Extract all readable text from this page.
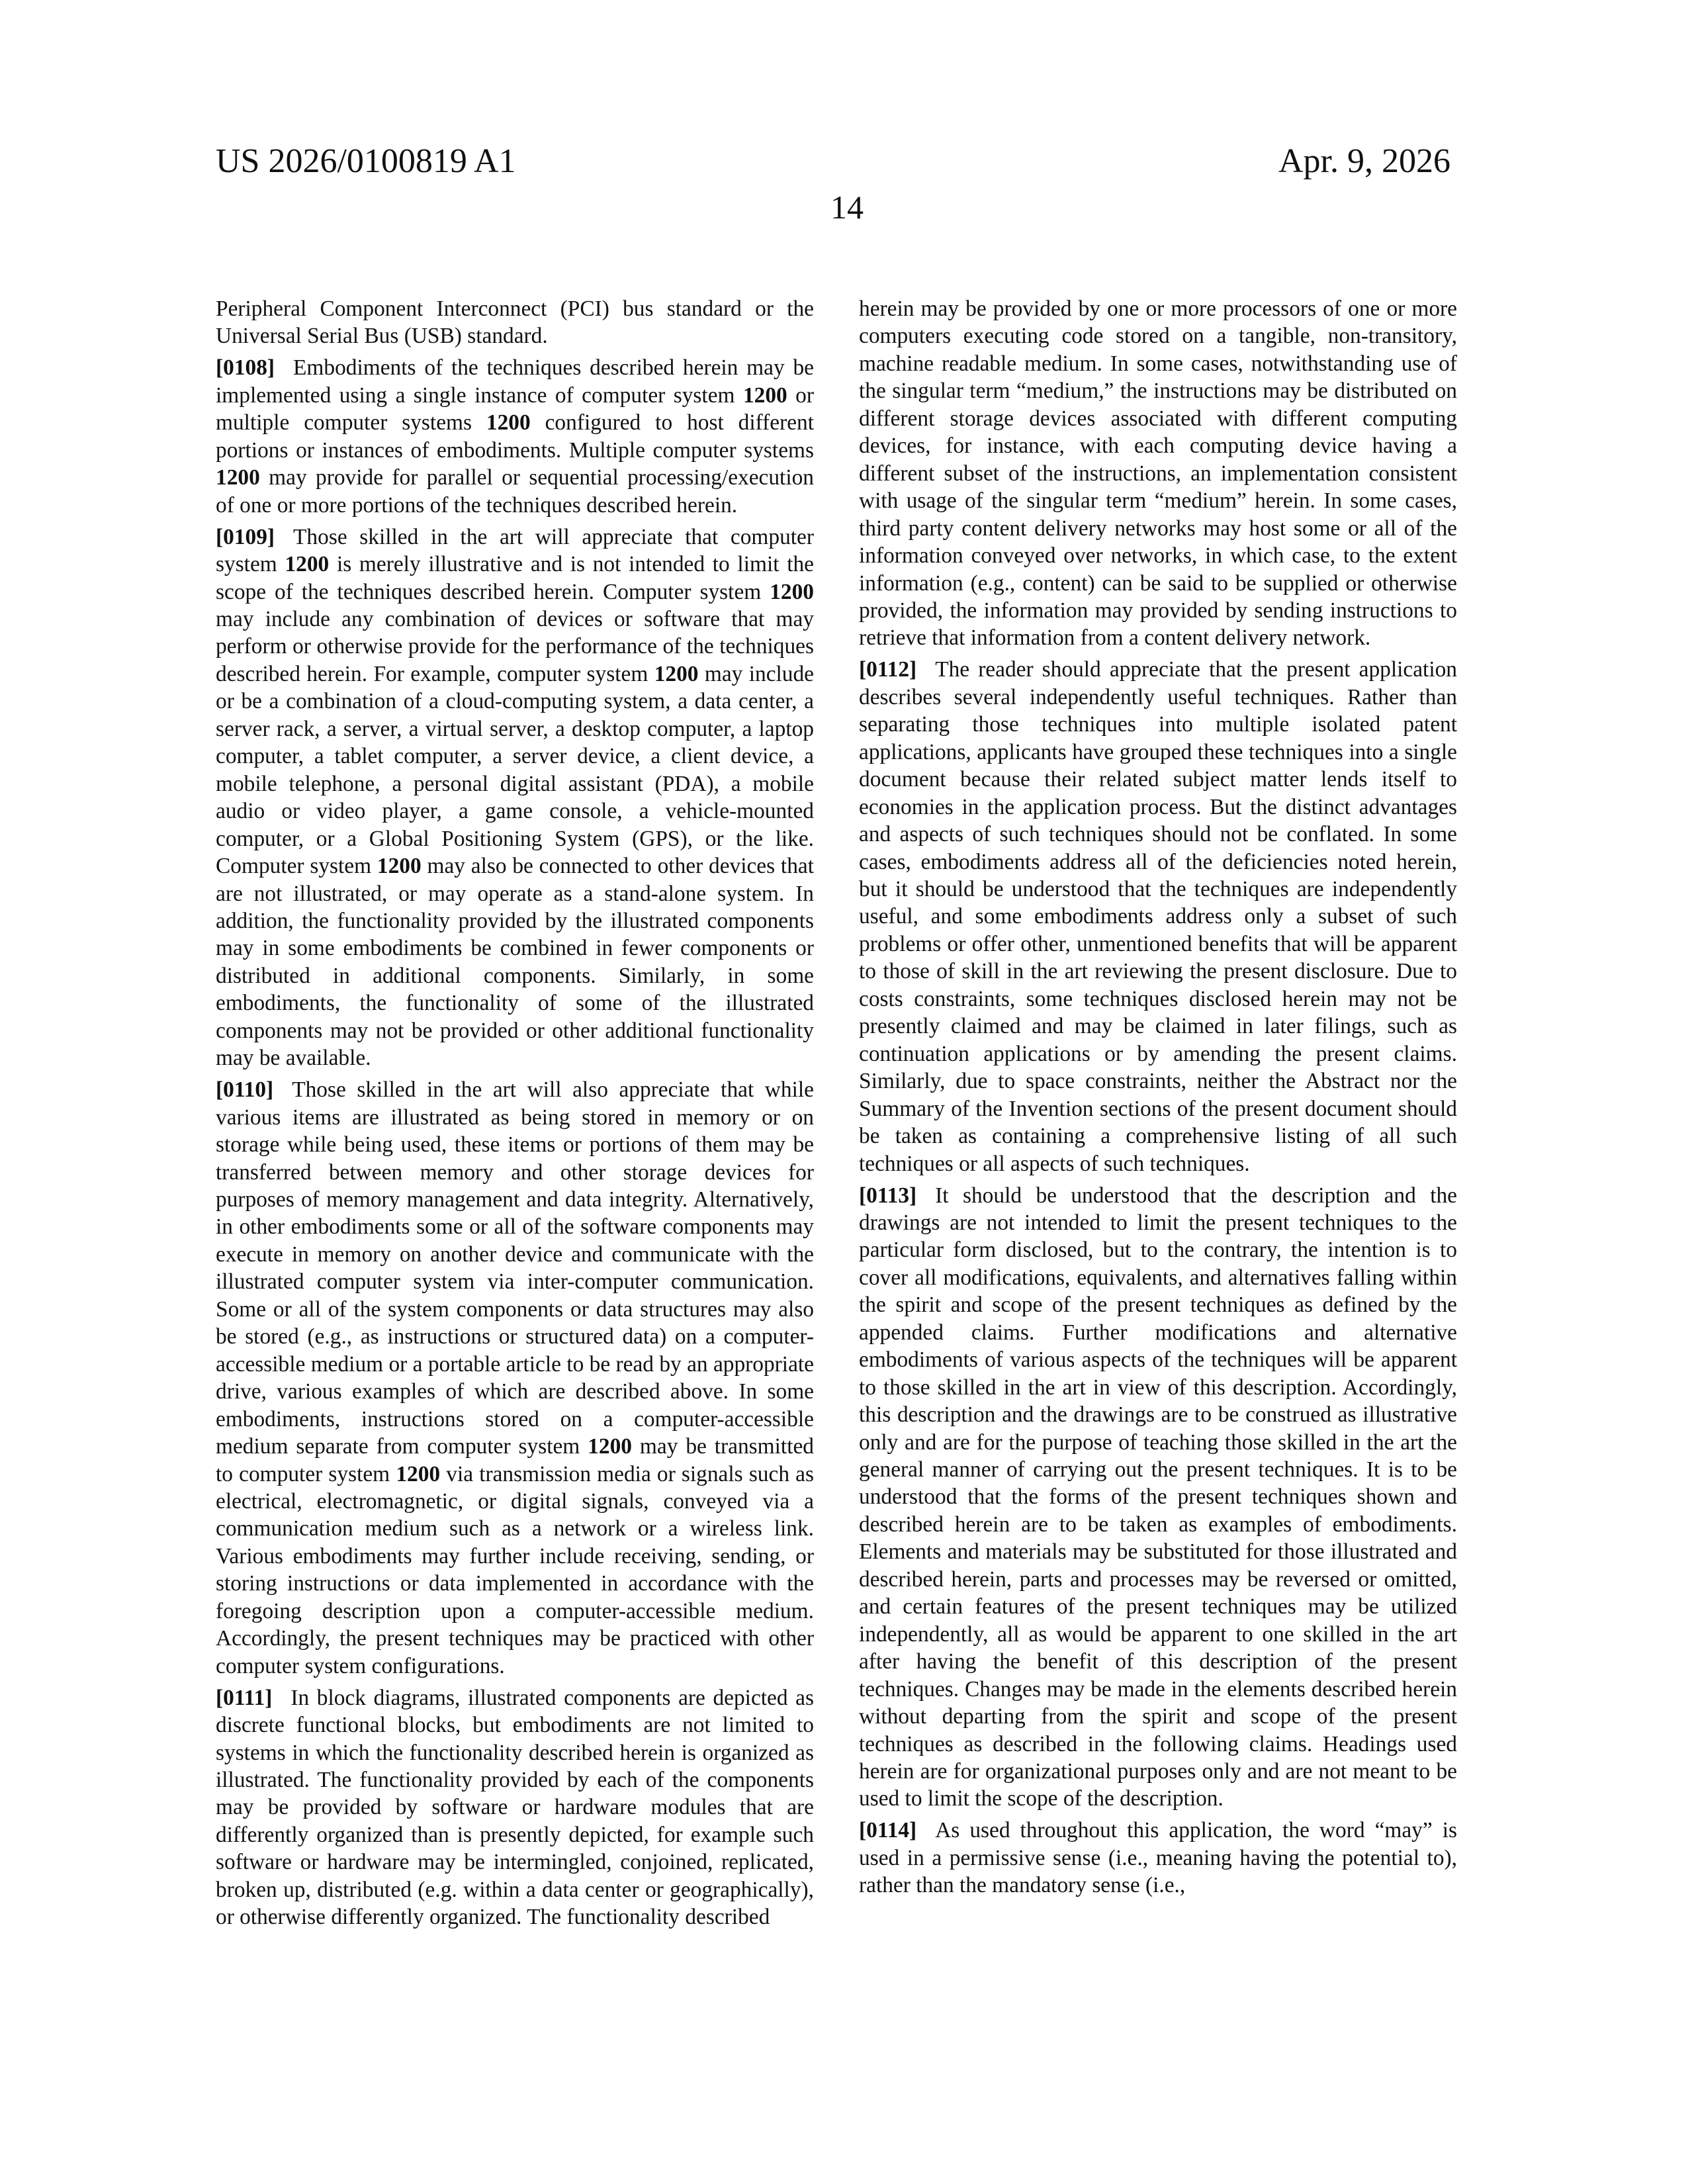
US 2026/0100819 A1	Apr. 9, 2026
14

Peripheral Component Interconnect (PCI) bus standard or the Universal Serial Bus (USB) standard.

[0108] Embodiments of the techniques described herein may be implemented using a single instance of computer system 1200 or multiple computer systems 1200 configured to host different portions or instances of embodiments. Multiple computer systems 1200 may provide for parallel or sequential processing/execution of one or more portions of the techniques described herein.

[0109] Those skilled in the art will appreciate that computer system 1200 is merely illustrative and is not intended to limit the scope of the techniques described herein. Computer system 1200 may include any combination of devices or software that may perform or otherwise provide for the performance of the techniques described herein. For example, computer system 1200 may include or be a combination of a cloud-computing system, a data center, a server rack, a server, a virtual server, a desktop computer, a laptop computer, a tablet computer, a server device, a client device, a mobile telephone, a personal digital assistant (PDA), a mobile audio or video player, a game console, a vehicle-mounted computer, or a Global Positioning System (GPS), or the like. Computer system 1200 may also be connected to other devices that are not illustrated, or may operate as a stand-alone system. In addition, the functionality provided by the illustrated components may in some embodiments be combined in fewer components or distributed in additional components. Similarly, in some embodiments, the functionality of some of the illustrated components may not be provided or other additional functionality may be available.

[0110] Those skilled in the art will also appreciate that while various items are illustrated as being stored in memory or on storage while being used, these items or portions of them may be transferred between memory and other storage devices for purposes of memory management and data integrity. Alternatively, in other embodiments some or all of the software components may execute in memory on another device and communicate with the illustrated computer system via inter-computer communication. Some or all of the system components or data structures may also be stored (e.g., as instructions or structured data) on a computer-accessible medium or a portable article to be read by an appropriate drive, various examples of which are described above. In some embodiments, instructions stored on a computer-accessible medium separate from computer system 1200 may be transmitted to computer system 1200 via transmission media or signals such as electrical, electromagnetic, or digital signals, conveyed via a communication medium such as a network or a wireless link. Various embodiments may further include receiving, sending, or storing instructions or data implemented in accordance with the foregoing description upon a computer-accessible medium. Accordingly, the present techniques may be practiced with other computer system configurations.

[0111] In block diagrams, illustrated components are depicted as discrete functional blocks, but embodiments are not limited to systems in which the functionality described herein is organized as illustrated. The functionality provided by each of the components may be provided by software or hardware modules that are differently organized than is presently depicted, for example such software or hardware may be intermingled, conjoined, replicated, broken up, distributed (e.g. within a data center or geographically), or otherwise differently organized. The functionality described

herein may be provided by one or more processors of one or more computers executing code stored on a tangible, non-transitory, machine readable medium. In some cases, notwithstanding use of the singular term “medium,” the instructions may be distributed on different storage devices associated with different computing devices, for instance, with each computing device having a different subset of the instructions, an implementation consistent with usage of the singular term “medium” herein. In some cases, third party content delivery networks may host some or all of the information conveyed over networks, in which case, to the extent information (e.g., content) can be said to be supplied or otherwise provided, the information may provided by sending instructions to retrieve that information from a content delivery network.

[0112] The reader should appreciate that the present application describes several independently useful techniques. Rather than separating those techniques into multiple isolated patent applications, applicants have grouped these techniques into a single document because their related subject matter lends itself to economies in the application process. But the distinct advantages and aspects of such techniques should not be conflated. In some cases, embodiments address all of the deficiencies noted herein, but it should be understood that the techniques are independently useful, and some embodiments address only a subset of such problems or offer other, unmentioned benefits that will be apparent to those of skill in the art reviewing the present disclosure. Due to costs constraints, some techniques disclosed herein may not be presently claimed and may be claimed in later filings, such as continuation applications or by amending the present claims. Similarly, due to space constraints, neither the Abstract nor the Summary of the Invention sections of the present document should be taken as containing a comprehensive listing of all such techniques or all aspects of such techniques.

[0113] It should be understood that the description and the drawings are not intended to limit the present techniques to the particular form disclosed, but to the contrary, the intention is to cover all modifications, equivalents, and alternatives falling within the spirit and scope of the present techniques as defined by the appended claims. Further modifications and alternative embodiments of various aspects of the techniques will be apparent to those skilled in the art in view of this description. Accordingly, this description and the drawings are to be construed as illustrative only and are for the purpose of teaching those skilled in the art the general manner of carrying out the present techniques. It is to be understood that the forms of the present techniques shown and described herein are to be taken as examples of embodiments. Elements and materials may be substituted for those illustrated and described herein, parts and processes may be reversed or omitted, and certain features of the present techniques may be utilized independently, all as would be apparent to one skilled in the art after having the benefit of this description of the present techniques. Changes may be made in the elements described herein without departing from the spirit and scope of the present techniques as described in the following claims. Headings used herein are for organizational purposes only and are not meant to be used to limit the scope of the description.

[0114] As used throughout this application, the word “may” is used in a permissive sense (i.e., meaning having the potential to), rather than the mandatory sense (i.e.,
